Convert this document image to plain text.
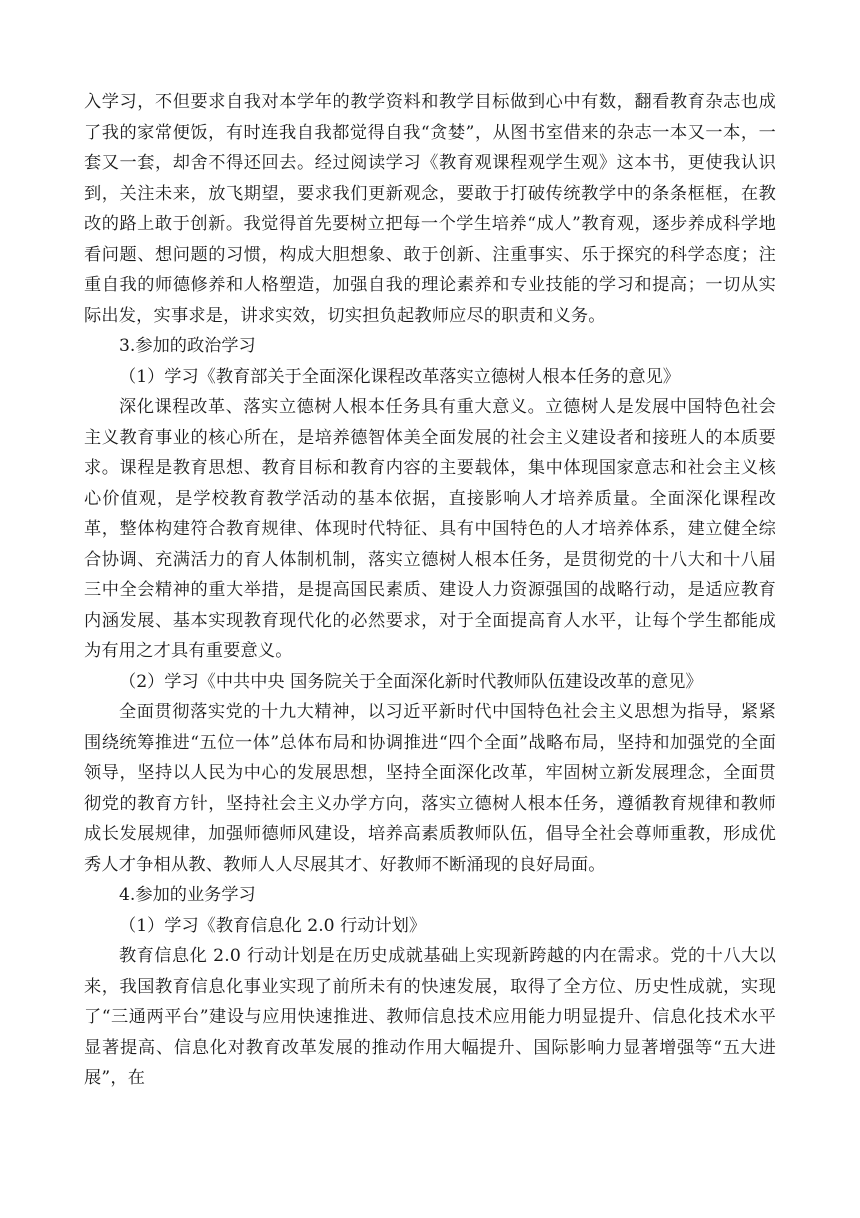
入学习，不但要求自我对本学年的教学资料和教学目标做到心中有数，翻看教育杂志也成了我的家常便饭，有时连我自我都觉得自我“贪婪”，从图书室借来的杂志一本又一本，一套又一套，却舍不得还回去。经过阅读学习《教育观课程观学生观》这本书，更使我认识到，关注未来，放飞期望，要求我们更新观念，要敢于打破传统教学中的条条框框，在教改的路上敢于创新。我觉得首先要树立把每一个学生培养“成人”教育观，逐步养成科学地看问题、想问题的习惯，构成大胆想象、敢于创新、注重事实、乐于探究的科学态度；注重自我的师德修养和人格塑造，加强自我的理论素养和专业技能的学习和提高；一切从实际出发，实事求是，讲求实效，切实担负起教师应尽的职责和义务。

3.参加的政治学习

（1）学习《教育部关于全面深化课程改革落实立德树人根本任务的意见》

深化课程改革、落实立德树人根本任务具有重大意义。立德树人是发展中国特色社会主义教育事业的核心所在，是培养德智体美全面发展的社会主义建设者和接班人的本质要求。课程是教育思想、教育目标和教育内容的主要载体，集中体现国家意志和社会主义核心价值观，是学校教育教学活动的基本依据，直接影响人才培养质量。全面深化课程改革，整体构建符合教育规律、体现时代特征、具有中国特色的人才培养体系，建立健全综合协调、充满活力的育人体制机制，落实立德树人根本任务，是贯彻党的十八大和十八届三中全会精神的重大举措，是提高国民素质、建设人力资源强国的战略行动，是适应教育内涵发展、基本实现教育现代化的必然要求，对于全面提高育人水平，让每个学生都能成为有用之才具有重要意义。

（2）学习《中共中央 国务院关于全面深化新时代教师队伍建设改革的意见》

全面贯彻落实党的十九大精神，以习近平新时代中国特色社会主义思想为指导，紧紧围绕统筹推进“五位一体”总体布局和协调推进“四个全面”战略布局，坚持和加强党的全面领导，坚持以人民为中心的发展思想，坚持全面深化改革，牢固树立新发展理念，全面贯彻党的教育方针，坚持社会主义办学方向，落实立德树人根本任务，遵循教育规律和教师成长发展规律，加强师德师风建设，培养高素质教师队伍，倡导全社会尊师重教，形成优秀人才争相从教、教师人人尽展其才、好教师不断涌现的良好局面。

4.参加的业务学习

（1）学习《教育信息化 2.0 行动计划》

教育信息化 2.0 行动计划是在历史成就基础上实现新跨越的内在需求。党的十八大以来，我国教育信息化事业实现了前所未有的快速发展，取得了全方位、历史性成就，实现了“三通两平台”建设与应用快速推进、教师信息技术应用能力明显提升、信息化技术水平显著提高、信息化对教育改革发展的推动作用大幅提升、国际影响力显著增强等“五大进展”，在
